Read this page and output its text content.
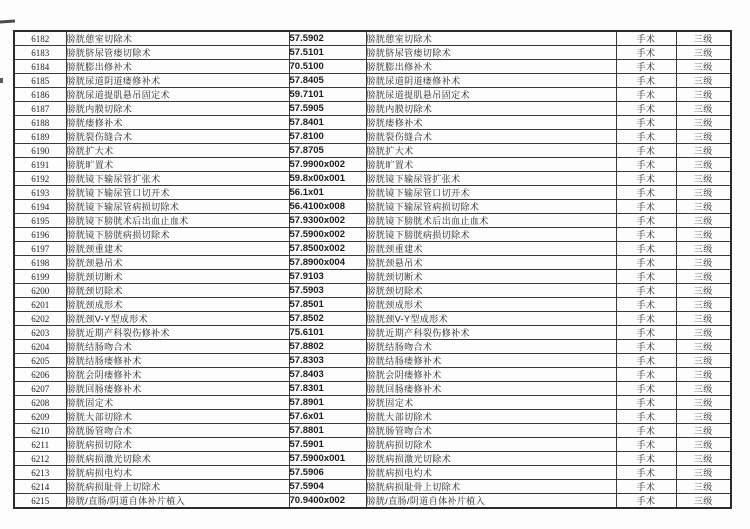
6182	膀胱憩室切除术	57.5902	膀胱憩室切除术	手术	三级
6183	膀胱脐尿管瘘切除术	57.5101	膀胱脐尿管瘘切除术	手术	三级
6184	膀胱膨出修补术	70.5100	膀胱膨出修补术	手术	三级
6185	膀胱尿道阴道瘘修补术	57.8405	膀胱尿道阴道瘘修补术	手术	三级
6186	膀胱尿道提肌悬吊固定术	59.7101	膀胱尿道提肌悬吊固定术	手术	三级
6187	膀胱内膜切除术	57.5905	膀胱内膜切除术	手术	三级
6188	膀胱瘘修补术	57.8401	膀胱瘘修补术	手术	三级
6189	膀胱裂伤缝合术	57.8100	膀胱裂伤缝合术	手术	三级
6190	膀胱扩大术	57.8705	膀胱扩大术	手术	三级
6191	膀胱旷置术	57.9900x002	膀胱旷置术	手术	三级
6192	膀胱镜下输尿管扩张术	59.8x00x001	膀胱镜下输尿管扩张术	手术	三级
6193	膀胱镜下输尿管口切开术	56.1x01	膀胱镜下输尿管口切开术	手术	三级
6194	膀胱镜下输尿管病损切除术	56.4100x008	膀胱镜下输尿管病损切除术	手术	三级
6195	膀胱镜下膀胱术后出血止血术	57.9300x002	膀胱镜下膀胱术后出血止血术	手术	三级
6196	膀胱镜下膀胱病损切除术	57.5900x002	膀胱镜下膀胱病损切除术	手术	三级
6197	膀胱颈重建术	57.8500x002	膀胱颈重建术	手术	三级
6198	膀胱颈悬吊术	57.8900x004	膀胱颈悬吊术	手术	三级
6199	膀胱颈切断术	57.9103	膀胱颈切断术	手术	三级
6200	膀胱颈切除术	57.5903	膀胱颈切除术	手术	三级
6201	膀胱颈成形术	57.8501	膀胱颈成形术	手术	三级
6202	膀胱颈V-Y型成形术	57.8502	膀胱颈V-Y型成形术	手术	三级
6203	膀胱近期产科裂伤修补术	75.6101	膀胱近期产科裂伤修补术	手术	三级
6204	膀胱结肠吻合术	57.8802	膀胱结肠吻合术	手术	三级
6205	膀胱结肠瘘修补术	57.8303	膀胱结肠瘘修补术	手术	三级
6206	膀胱会阴瘘修补术	57.8403	膀胱会阴瘘修补术	手术	三级
6207	膀胱回肠瘘修补术	57.8301	膀胱回肠瘘修补术	手术	三级
6208	膀胱固定术	57.8901	膀胱固定术	手术	三级
6209	膀胱大部切除术	57.6x01	膀胱大部切除术	手术	三级
6210	膀胱肠管吻合术	57.8801	膀胱肠管吻合术	手术	三级
6211	膀胱病损切除术	57.5901	膀胱病损切除术	手术	三级
6212	膀胱病损激光切除术	57.5900x001	膀胱病损激光切除术	手术	三级
6213	膀胱病损电灼术	57.5906	膀胱病损电灼术	手术	三级
6214	膀胱病损耻骨上切除术	57.5904	膀胱病损耻骨上切除术	手术	三级
6215	膀胱/直肠/阴道自体补片植入	70.9400x002	膀胱/直肠/阴道自体补片植入	手术	三级
